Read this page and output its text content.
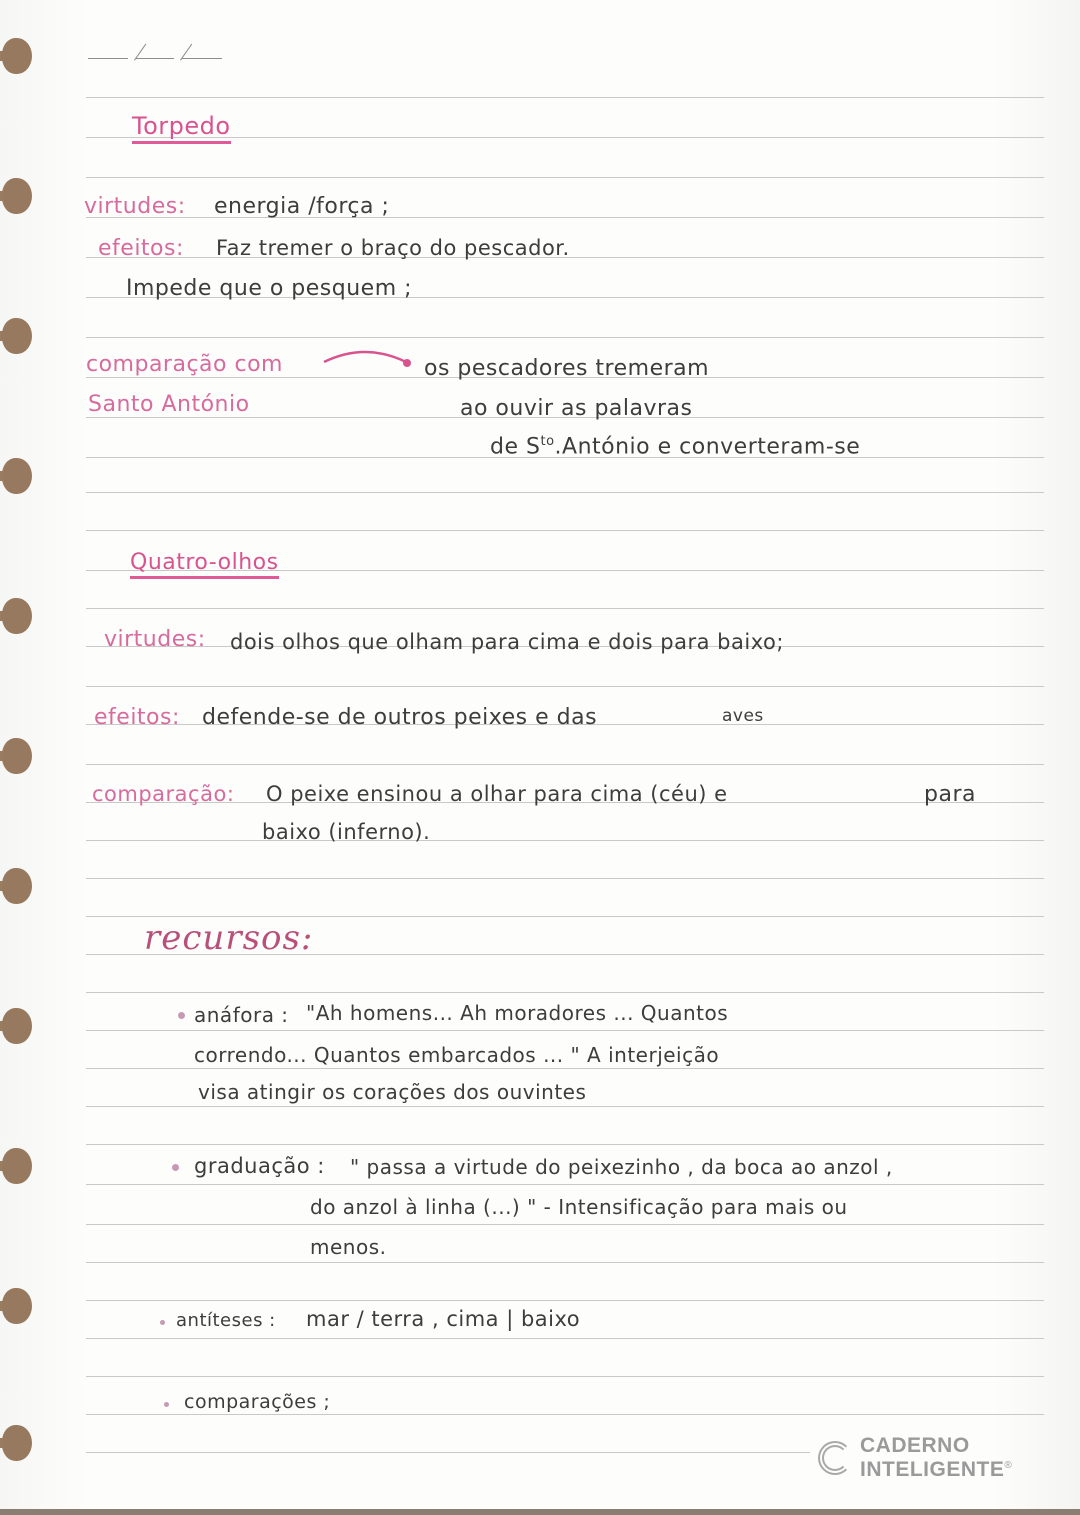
Torpedo
virtudes: energia /força ;
efeitos: Faz tremer o braço do pescador.
Impede que o pesquem ;
comparação com
Santo António
os pescadores tremeram
ao ouvir as palavras
de $S^{to}.António$ e converteram-se
Quatro-olhos
virtudes: dois olhos que olham para cima e dois para baixo;
efeitos: defende-se de outros peixes e das	aves
comparação: O peixe ensinou a olhar para cima (céu) e	para
baixo (inferno).
recursos:
anáfora : "Ah homens... Ah moradores ... Quantos
correndo... Quantos embarcados ... " A interjeição
visa atingir os corações dos ouvintes
graduação : " passa a virtude do peixezinho , da boca ao anzol ,
do anzol à linha (...) " - Intensificação para mais ou
menos.
antíteses : mar / terra , cima | baixo
comparações ;
CADERNO
INTELIGENTE®
